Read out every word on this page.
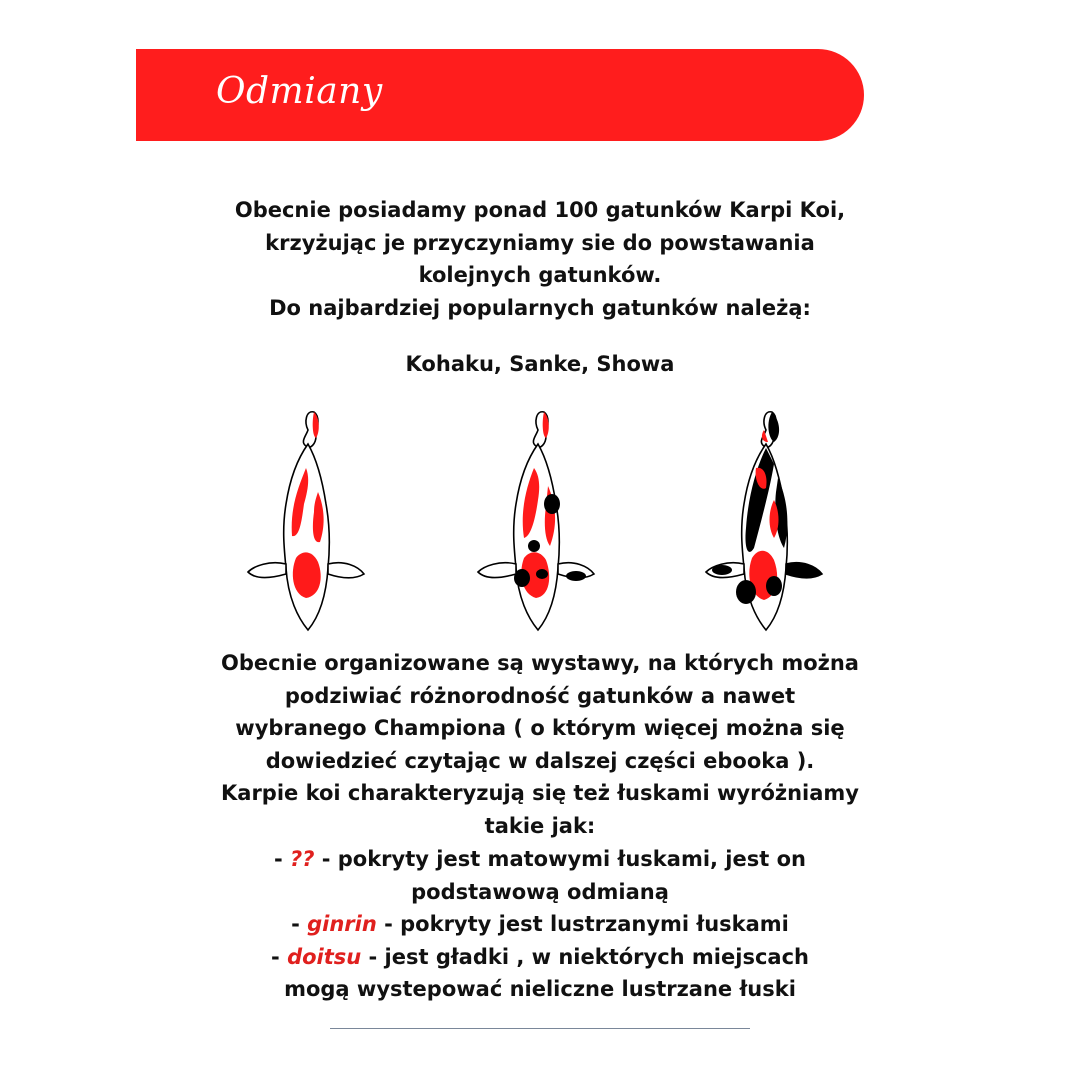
Odmiany
Obecnie posiadamy ponad 100 gatunków Karpi Koi,
krzyżując je przyczyniamy sie do powstawania
kolejnych gatunków.
Do najbardziej popularnych gatunków należą:
Kohaku, Sanke, Showa
Obecnie organizowane są wystawy, na których można
podziwiać różnorodność gatunków a nawet
wybranego Championa ( o którym więcej można się
dowiedzieć czytając w dalszej części ebooka ).
Karpie koi charakteryzują się też łuskami wyróżniamy
takie jak:
- ?? - pokryty jest matowymi łuskami, jest on
podstawową odmianą
- ginrin - pokryty jest lustrzanymi łuskami
- doitsu - jest gładki , w niektórych miejscach
mogą wystepować nieliczne lustrzane łuski
